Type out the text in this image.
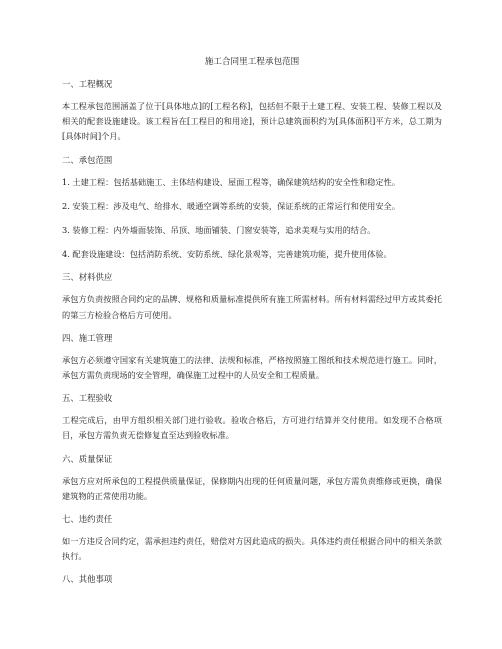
施工合同里工程承包范围
一、工程概况
本工程承包范围涵盖了位于[具体地点]的[工程名称]，包括但不限于土建工程、安装工程、装修工程以及相关的配套设施建设。该工程旨在[工程目的和用途]，预计总建筑面积约为[具体面积]平方米，总工期为[具体时间]个月。
二、承包范围
1. 土建工程：包括基础施工、主体结构建设、屋面工程等，确保建筑结构的安全性和稳定性。
2. 安装工程：涉及电气、给排水、暖通空调等系统的安装，保证系统的正常运行和使用安全。
3. 装修工程：内外墙面装饰、吊顶、地面铺装、门窗安装等，追求美观与实用的结合。
4. 配套设施建设：包括消防系统、安防系统、绿化景观等，完善建筑功能，提升使用体验。
三、材料供应
承包方负责按照合同约定的品牌、规格和质量标准提供所有施工所需材料。所有材料需经过甲方或其委托的第三方检验合格后方可使用。
四、施工管理
承包方必须遵守国家有关建筑施工的法律、法规和标准，严格按照施工图纸和技术规范进行施工。同时，承包方需负责现场的安全管理，确保施工过程中的人员安全和工程质量。
五、工程验收
工程完成后，由甲方组织相关部门进行验收。验收合格后，方可进行结算并交付使用。如发现不合格项目，承包方需负责无偿修复直至达到验收标准。
六、质量保证
承包方应对所承包的工程提供质量保证，保修期内出现的任何质量问题，承包方需负责维修或更换，确保建筑物的正常使用功能。
七、违约责任
如一方违反合同约定，需承担违约责任，赔偿对方因此造成的损失。具体违约责任根据合同中的相关条款执行。
八、其他事项
